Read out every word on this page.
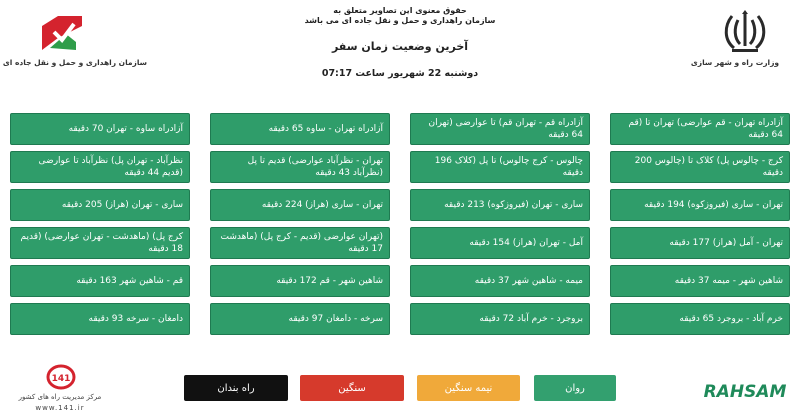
حقوق معنوی این تصاویر متعلق به
سازمان راهداری و حمل و نقل جاده ای می باشد
آخرین وضعیت زمان سفر
دوشنبه 22 شهریور ساعت 07:17
سازمان راهداری و حمل و نقل جاده ای	وزارت راه و شهر سازی
آزادراه تهران - قم عوارضی) تهران تا (قم 64 دقیقه
آزادراه قم - تهران قم) تا عوارضی (تهران 64 دقیقه
آزادراه تهران - ساوه 65 دقیقه
آزادراه ساوه - تهران 70 دقیقه
کرج - چالوس پل) کلاک تا (چالوس 200 دقیقه
چالوس - کرج چالوس) تا پل (کلاک 196 دقیقه
تهران - نظرآباد عوارضی) قدیم تا پل (نظرآباد 43 دقیقه
نظرآباد - تهران پل) نظرآباد تا عوارضی (قدیم 44 دقیقه
تهران - ساری (فیروزکوه) 194 دقیقه
ساری - تهران (فیروزکوه) 213 دقیقه
تهران - ساری (هراز) 224 دقیقه
ساری - تهران (هراز) 205 دقیقه
تهران - آمل (هراز) 177 دقیقه
آمل - تهران (هراز) 154 دقیقه
(تهران عوارضی (قدیم - کرج پل) (ماهدشت 17 دقیقه
کرج پل) (ماهدشت - تهران عوارضی) (قدیم 18 دقیقه
شاهین شهر - میمه 37 دقیقه
میمه - شاهین شهر 37 دقیقه
شاهین شهر - قم 172 دقیقه
قم - شاهین شهر 163 دقیقه
خرم آباد - بروجرد 65 دقیقه
بروجرد - خرم آباد 72 دقیقه
سرخه - دامغان 97 دقیقه
دامغان - سرخه 93 دقیقه
راه بندان	سنگین	نیمه سنگین	روان
141
مرکز مدیریت راه های کشور
www.141.ir
RAHSAM
